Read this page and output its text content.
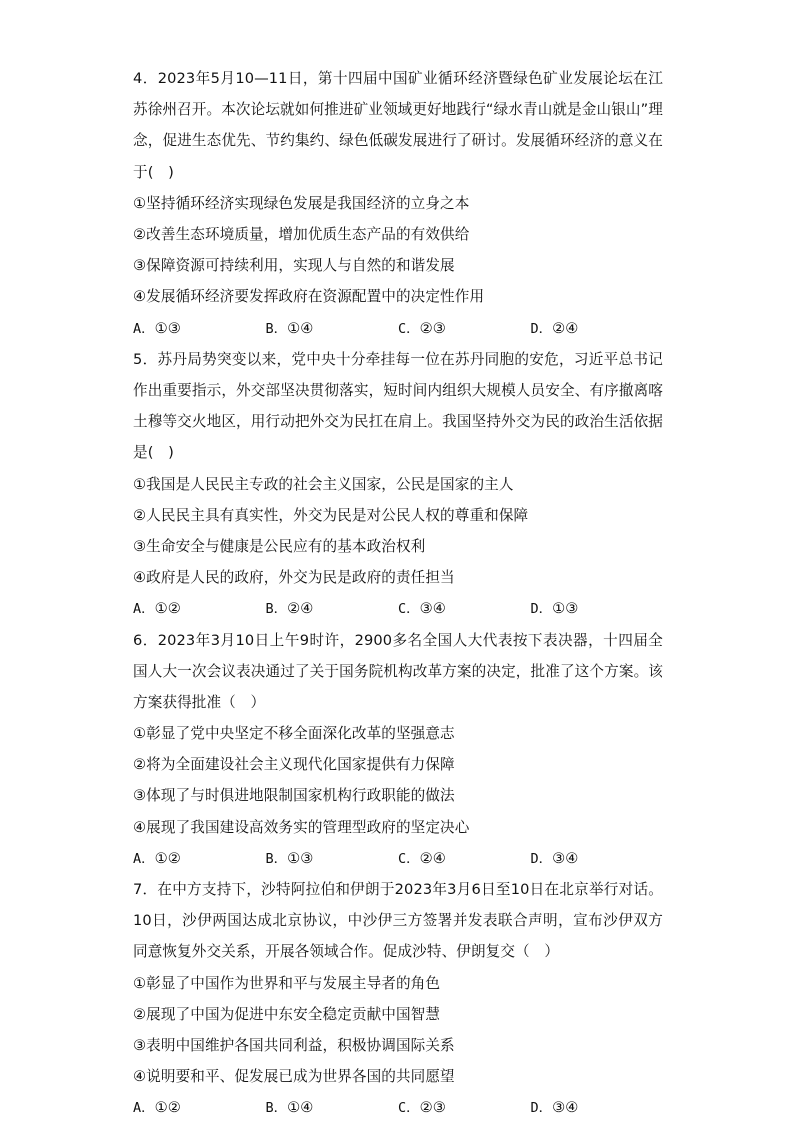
4．2023年5月10—11日，第十四届中国矿业循环经济暨绿色矿业发展论坛在江苏徐州召开。本次论坛就如何推进矿业领域更好地践行“绿水青山就是金山银山”理念，促进生态优先、节约集约、绿色低碳发展进行了研讨。发展循环经济的意义在于(　)
①坚持循环经济实现绿色发展是我国经济的立身之本
②改善生态环境质量，增加优质生态产品的有效供给
③保障资源可持续利用，实现人与自然的和谐发展
④发展循环经济要发挥政府在资源配置中的决定性作用
A．①③	B．①④	C．②③	D．②④
5．苏丹局势突变以来，党中央十分牵挂每一位在苏丹同胞的安危，习近平总书记作出重要指示，外交部坚决贯彻落实，短时间内组织大规模人员安全、有序撤离喀土穆等交火地区，用行动把外交为民扛在肩上。我国坚持外交为民的政治生活依据是(　)
①我国是人民民主专政的社会主义国家，公民是国家的主人
②人民民主具有真实性，外交为民是对公民人权的尊重和保障
③生命安全与健康是公民应有的基本政治权利
④政府是人民的政府，外交为民是政府的责任担当
A．①②	B．②④	C．③④	D．①③
6．2023年3月10日上午9时许，2900多名全国人大代表按下表决器，十四届全国人大一次会议表决通过了关于国务院机构改革方案的决定，批准了这个方案。该方案获得批准（　）
①彰显了党中央坚定不移全面深化改革的坚强意志
②将为全面建设社会主义现代化国家提供有力保障
③体现了与时俱进地限制国家机构行政职能的做法
④展现了我国建设高效务实的管理型政府的坚定决心
A．①②	B．①③	C．②④	D．③④
7．在中方支持下，沙特阿拉伯和伊朗于2023年3月6日至10日在北京举行对话。10日，沙伊两国达成北京协议，中沙伊三方签署并发表联合声明，宣布沙伊双方同意恢复外交关系，开展各领域合作。促成沙特、伊朗复交（　）
①彰显了中国作为世界和平与发展主导者的角色
②展现了中国为促进中东安全稳定贡献中国智慧
③表明中国维护各国共同利益，积极协调国际关系
④说明要和平、促发展已成为世界各国的共同愿望
A．①②	B．①④	C．②③	D．③④
